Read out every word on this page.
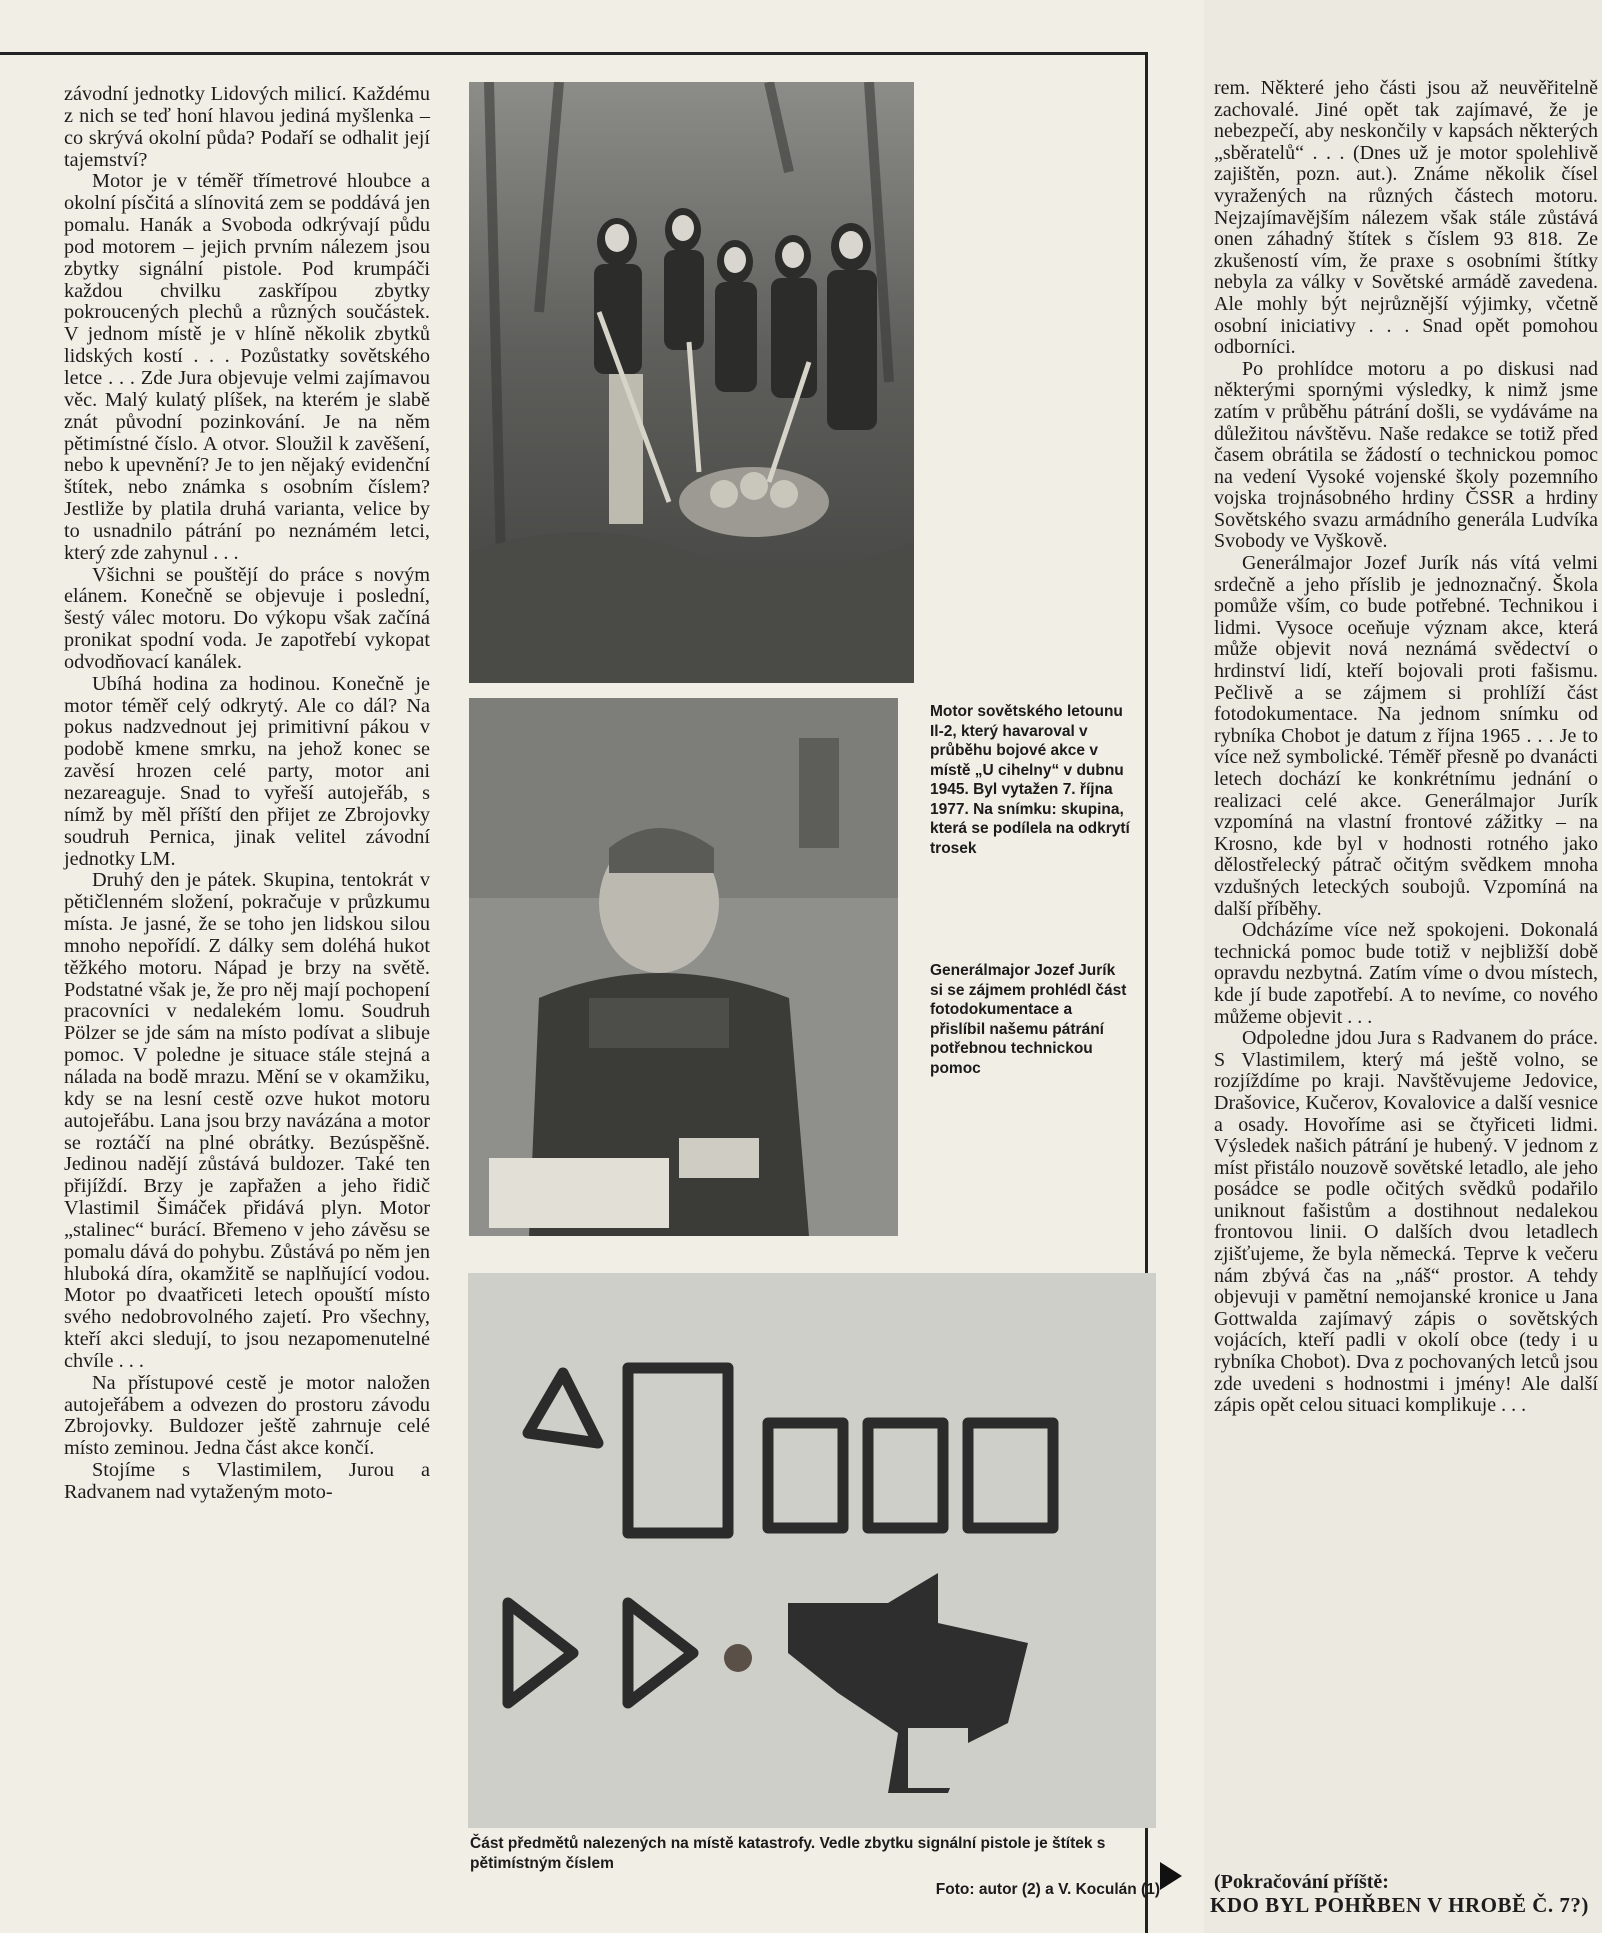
závodní jednotky Lidových milicí. Každému z nich se teď honí hlavou jediná myšlenka – co skrývá okolní půda? Podaří se odhalit její tajemství?

Motor je v téměř třímetrové hloubce a okolní písčitá a slínovitá zem se poddává jen pomalu. Hanák a Svoboda odkrývají půdu pod motorem – jejich prvním nálezem jsou zbytky signální pistole. Pod krumpáči každou chvilku zaskřípou zbytky pokroucených plechů a různých součástek. V jednom místě je v hlíně několik zbytků lidských kostí . . . Pozůstatky sovětského letce . . . Zde Jura objevuje velmi zajímavou věc. Malý kulatý plíšek, na kterém je slabě znát původní pozinkování. Je na něm pětimístné číslo. A otvor. Sloužil k zavěšení, nebo k upevnění? Je to jen nějaký evidenční štítek, nebo známka s osobním číslem? Jestliže by platila druhá varianta, velice by to usnadnilo pátrání po neznámém letci, který zde zahynul . . .

Všichni se pouštějí do práce s novým elánem. Konečně se objevuje i poslední, šestý válec motoru. Do výkopu však začíná pronikat spodní voda. Je zapotřebí vykopat odvodňovací kanálek.

Ubíhá hodina za hodinou. Konečně je motor téměř celý odkrytý. Ale co dál? Na pokus nadzvednout jej primitivní pákou v podobě kmene smrku, na jehož konec se zavěsí hrozen celé party, motor ani nezareaguje. Snad to vyřeší autojeřáb, s nímž by měl příští den přijet ze Zbrojovky soudruh Pernica, jinak velitel závodní jednotky LM.

Druhý den je pátek. Skupina, tentokrát v pětičlenném složení, pokračuje v průzkumu místa. Je jasné, že se toho jen lidskou silou mnoho nepořídí. Z dálky sem doléhá hukot těžkého motoru. Nápad je brzy na světě. Podstatné však je, že pro něj mají pochopení pracovníci v nedalekém lomu. Soudruh Pölzer se jde sám na místo podívat a slibuje pomoc. V poledne je situace stále stejná a nálada na bodě mrazu. Mění se v okamžiku, kdy se na lesní cestě ozve hukot motoru autojeřábu. Lana jsou brzy navázána a motor se roztáčí na plné obrátky. Bezúspěšně. Jedinou nadějí zůstává buldozer. Také ten přijíždí. Brzy je zapřažen a jeho řidič Vlastimil Šimáček přidává plyn. Motor „stalinec“ burácí. Břemeno v jeho závěsu se pomalu dává do pohybu. Zůstává po něm jen hluboká díra, okamžitě se naplňující vodou. Motor po dvaatřiceti letech opouští místo svého nedobrovolného zajetí. Pro všechny, kteří akci sledují, to jsou nezapomenutelné chvíle . . .

Na přístupové cestě je motor naložen autojeřábem a odvezen do prostoru závodu Zbrojovky. Buldozer ještě zahrnuje celé místo zeminou. Jedna část akce končí.

Stojíme s Vlastimilem, Jurou a Radvanem nad vytaženým moto-

Motor sovětského letounu Il-2, který havaroval v průběhu bojové akce v místě „U cihelny“ v dubnu 1945. Byl vytažen 7. října 1977. Na snímku: skupina, která se podílela na odkrytí trosek
Generálmajor Jozef Jurík si se zájmem prohlédl část fotodokumentace a přislíbil našemu pátrání potřebnou technickou pomoc
Část předmětů nalezených na místě katastrofy. Vedle zbytku signální pistole je štítek s pětimístným číslem
Foto: autor (2) a V. Koculán (1)

rem. Některé jeho části jsou až neuvěřitelně zachovalé. Jiné opět tak zajímavé, že je nebezpečí, aby neskončily v kapsách některých „sběratelů“ . . . (Dnes už je motor spolehlivě zajištěn, pozn. aut.). Známe několik čísel vyražených na různých částech motoru. Nejzajímavějším nálezem však stále zůstává onen záhadný štítek s číslem 93 818. Ze zkušeností vím, že praxe s osobními štítky nebyla za války v Sovětské armádě zavedena. Ale mohly být nejrůznější výjimky, včetně osobní iniciativy . . . Snad opět pomohou odborníci.

Po prohlídce motoru a po diskusi nad některými spornými výsledky, k nimž jsme zatím v průběhu pátrání došli, se vydáváme na důležitou návštěvu. Naše redakce se totiž před časem obrátila se žádostí o technickou pomoc na vedení Vysoké vojenské školy pozemního vojska trojnásobného hrdiny ČSSR a hrdiny Sovětského svazu armádního generála Ludvíka Svobody ve Vyškově.

Generálmajor Jozef Jurík nás vítá velmi srdečně a jeho příslib je jednoznačný. Škola pomůže vším, co bude potřebné. Technikou i lidmi. Vysoce oceňuje význam akce, která může objevit nová neznámá svědectví o hrdinství lidí, kteří bojovali proti fašismu. Pečlivě a se zájmem si prohlíží část fotodokumentace. Na jednom snímku od rybníka Chobot je datum z října 1965 . . . Je to více než symbolické. Téměř přesně po dvanácti letech dochází ke konkrétnímu jednání o realizaci celé akce. Generálmajor Jurík vzpomíná na vlastní frontové zážitky – na Krosno, kde byl v hodnosti rotného jako dělostřelecký pátrač očitým svědkem mnoha vzdušných leteckých soubojů. Vzpomíná na další příběhy.

Odcházíme více než spokojeni. Dokonalá technická pomoc bude totiž v nejbližší době opravdu nezbytná. Zatím víme o dvou místech, kde jí bude zapotřebí. A to nevíme, co nového můžeme objevit . . .

Odpoledne jdou Jura s Radvanem do práce. S Vlastimilem, který má ještě volno, se rozjíždíme po kraji. Navštěvujeme Jedovice, Drašovice, Kučerov, Kovalovice a další vesnice a osady. Hovoříme asi se čtyřiceti lidmi. Výsledek našich pátrání je hubený. V jednom z míst přistálo nouzově sovětské letadlo, ale jeho posádce se podle očitých svědků podařilo uniknout fašistům a dostihnout nedalekou frontovou linii. O dalších dvou letadlech zjišťujeme, že byla německá. Teprve k večeru nám zbývá čas na „náš“ prostor. A tehdy objevuji v pamětní nemojanské kronice u Jana Gottwalda zajímavý zápis o sovětských vojácích, kteří padli v okolí obce (tedy i u rybníka Chobot). Dva z pochovaných letců jsou zde uvedeni s hodnostmi i jmény! Ale další zápis opět celou situaci komplikuje . . .

(Pokračování příště:
KDO BYL POHŘBEN V HROBĚ Č. 7?)
